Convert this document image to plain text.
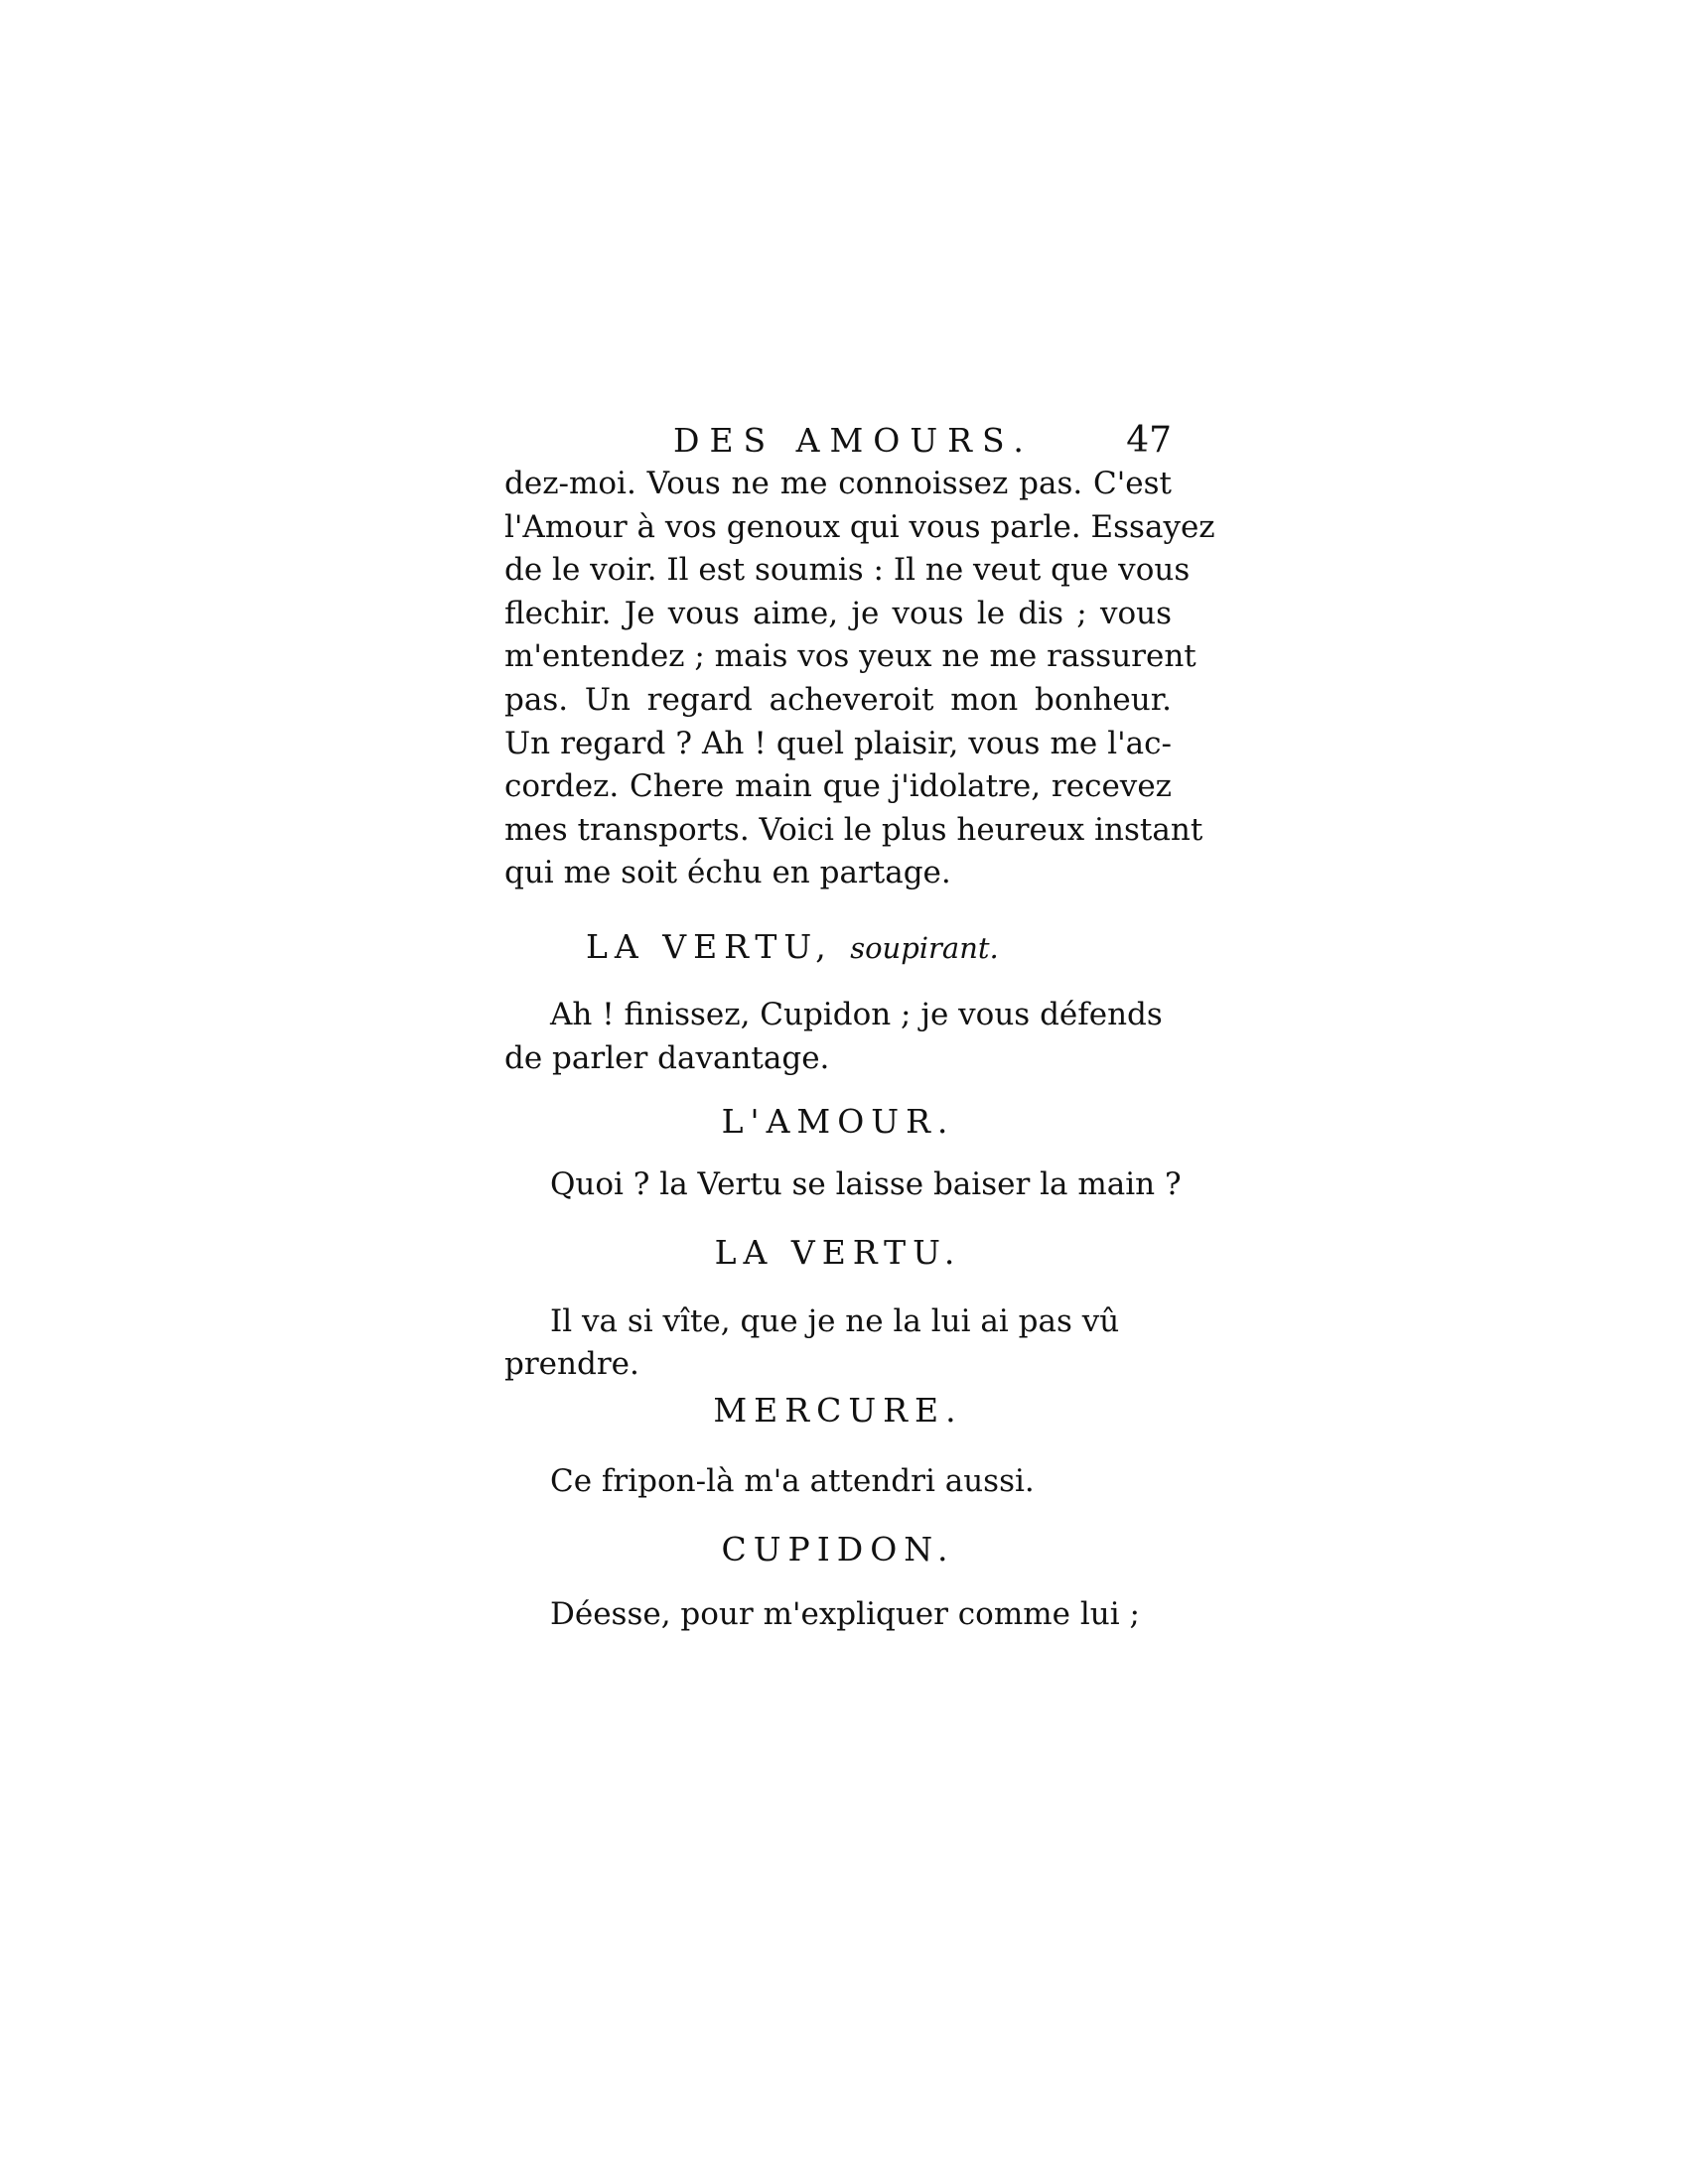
DES AMOURS.	47

dez-moi. Vous ne me connoissez pas. C'est
l'Amour à vos genoux qui vous parle. Essayez
de le voir. Il est soumis : Il ne veut que vous
flechir. Je vous aime, je vous le dis ; vous
m'entendez ; mais vos yeux ne me rassurent
pas. Un regard acheveroit mon bonheur.
Un regard ? Ah ! quel plaisir, vous me l'ac-
cordez. Chere main que j'idolatre, recevez
mes transports. Voici le plus heureux instant
qui me soit échu en partage.

LA VERTU, soupirant.

Ah ! finissez, Cupidon ; je vous défends
de parler davantage.

L'AMOUR.

Quoi ? la Vertu se laisse baiser la main ?

LA VERTU.

Il va si vîte, que je ne la lui ai pas vû
prendre.

MERCURE.

Ce fripon-là m'a attendri aussi.

CUPIDON.

Déesse, pour m'expliquer comme lui ;
